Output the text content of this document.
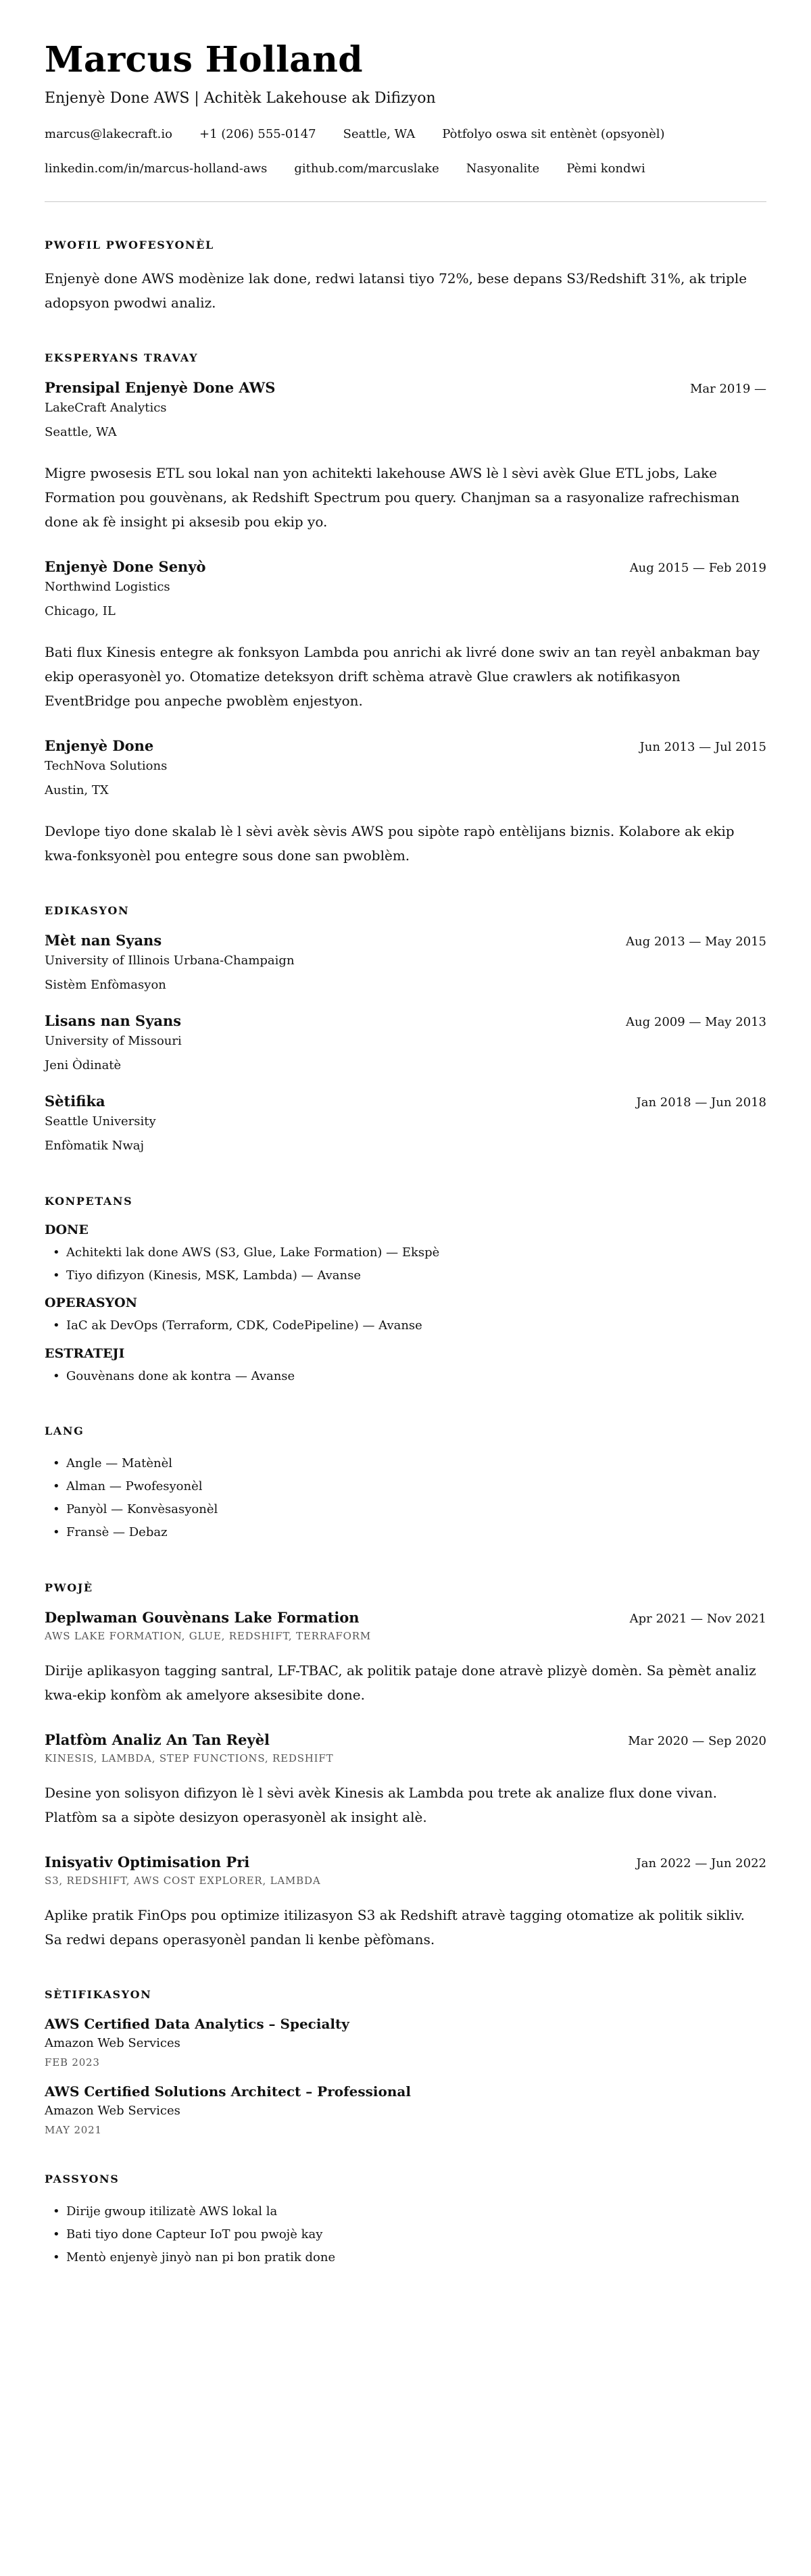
Marcus Holland
Enjenyè Done AWS | Achitèk Lakehouse ak Difizyon
marcus@lakecraft.io +1 (206) 555-0147 Seattle, WA Pòtfolyo oswa sit entènèt (opsyonèl)
linkedin.com/in/marcus-holland-aws github.com/marcuslake Nasyonalite Pèmi kondwi
PWOFIL PWOFESYONÈL

Enjenyè done AWS modènize lak done, redwi latansi tiyo 72%, bese depans S3/Redshift 31%, ak triple adopsyon pwodwi analiz.

EKSPERYANS TRAVAY
Prensipal Enjenyè Done AWS	Mar 2019 —
LakeCraft Analytics
Seattle, WA

Migre pwosesis ETL sou lokal nan yon achitekti lakehouse AWS lè l sèvi avèk Glue ETL jobs, Lake Formation pou gouvènans, ak Redshift Spectrum pou query. Chanjman sa a rasyonalize rafrechisman done ak fè insight pi aksesib pou ekip yo.

Enjenyè Done Senyò	Aug 2015 — Feb 2019
Northwind Logistics
Chicago, IL

Bati flux Kinesis entegre ak fonksyon Lambda pou anrichi ak livré done swiv an tan reyèl anbakman bay ekip operasyonèl yo. Otomatize deteksyon drift schèma atravè Glue crawlers ak notifikasyon EventBridge pou anpeche pwoblèm enjestyon.

Enjenyè Done	Jun 2013 — Jul 2015
TechNova Solutions
Austin, TX

Devlope tiyo done skalab lè l sèvi avèk sèvis AWS pou sipòte rapò entèlijans biznis. Kolabore ak ekip kwa-fonksyonèl pou entegre sous done san pwoblèm.

EDIKASYON
Mèt nan Syans	Aug 2013 — May 2015
University of Illinois Urbana-Champaign
Sistèm Enfòmasyon
Lisans nan Syans	Aug 2009 — May 2013
University of Missouri
Jeni Òdinatè
Sètifika	Jan 2018 — Jun 2018
Seattle University
Enfòmatik Nwaj
KONPETANS
DONE
• Achitekti lak done AWS (S3, Glue, Lake Formation) — Ekspè
• Tiyo difizyon (Kinesis, MSK, Lambda) — Avanse
OPERASYON
• IaC ak DevOps (Terraform, CDK, CodePipeline) — Avanse
ESTRATEJI
• Gouvènans done ak kontra — Avanse
LANG
• Angle — Matènèl
• Alman — Pwofesyonèl
• Panyòl — Konvèsasyonèl
• Fransè — Debaz
PWOJÈ
Deplwaman Gouvènans Lake Formation	Apr 2021 — Nov 2021
AWS LAKE FORMATION, GLUE, REDSHIFT, TERRAFORM

Dirije aplikasyon tagging santral, LF-TBAC, ak politik pataje done atravè plizyè domèn. Sa pèmèt analiz kwa-ekip konfòm ak amelyore aksesibite done.

Platfòm Analiz An Tan Reyèl	Mar 2020 — Sep 2020
KINESIS, LAMBDA, STEP FUNCTIONS, REDSHIFT

Desine yon solisyon difizyon lè l sèvi avèk Kinesis ak Lambda pou trete ak analize flux done vivan. Platfòm sa a sipòte desizyon operasyonèl ak insight alè.

Inisyativ Optimisation Pri	Jan 2022 — Jun 2022
S3, REDSHIFT, AWS COST EXPLORER, LAMBDA

Aplike pratik FinOps pou optimize itilizasyon S3 ak Redshift atravè tagging otomatize ak politik sikliv. Sa redwi depans operasyonèl pandan li kenbe pèfòmans.

SÈTIFIKASYON
AWS Certified Data Analytics – Specialty
Amazon Web Services
FEB 2023
AWS Certified Solutions Architect – Professional
Amazon Web Services
MAY 2021
PASSYONS
• Dirije gwoup itilizatè AWS lokal la
• Bati tiyo done Capteur IoT pou pwojè kay
• Mentò enjenyè jinyò nan pi bon pratik done
